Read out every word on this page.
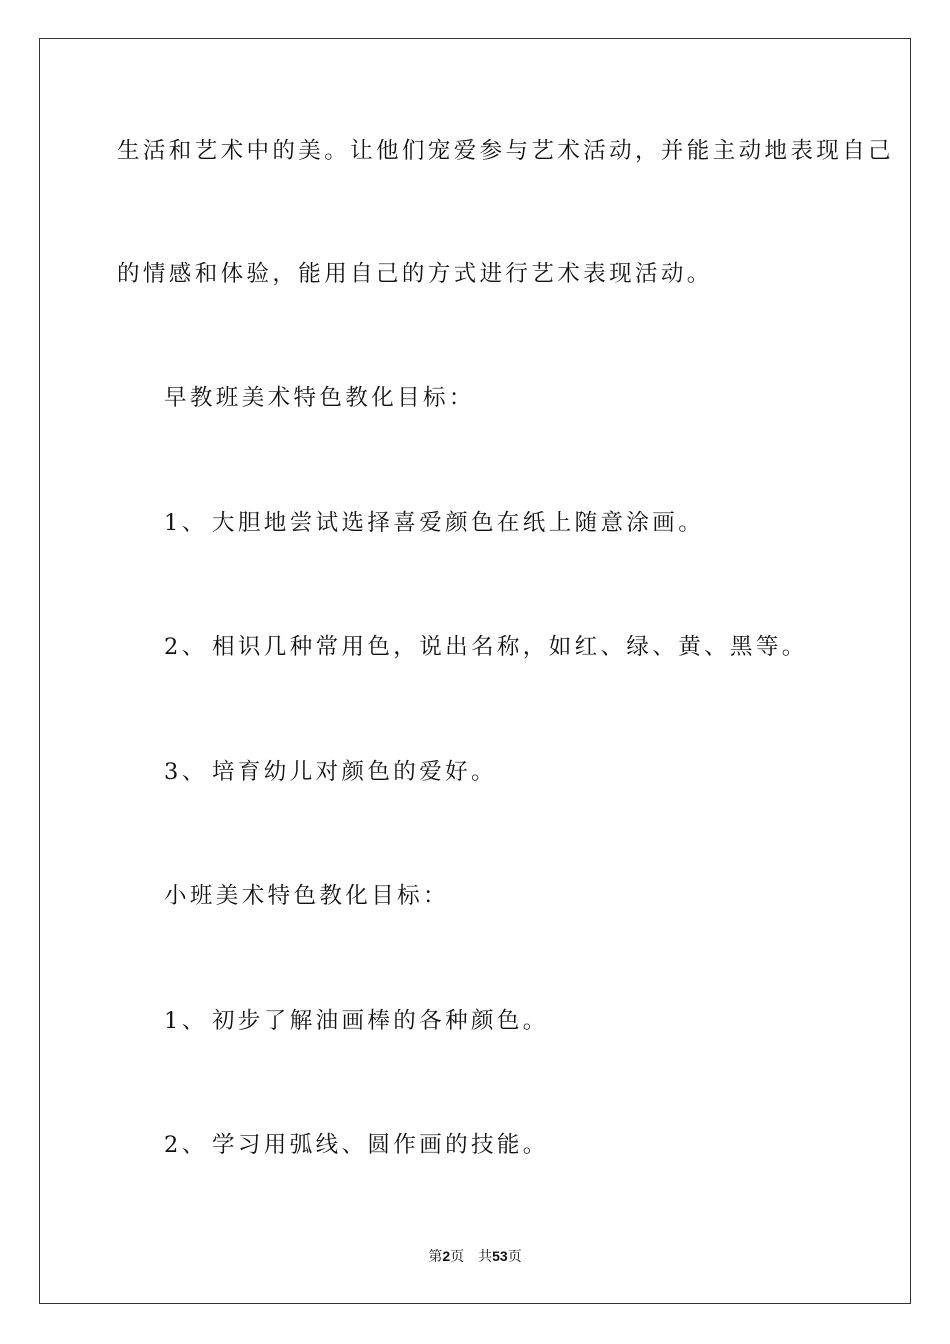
生活和艺术中的美。让他们宠爱参与艺术活动，并能主动地表现自己
的情感和体验，能用自己的方式进行艺术表现活动。
早教班美术特色教化目标：
1、 大胆地尝试选择喜爱颜色在纸上随意涂画。
2、 相识几种常用色，说出名称，如红、绿、黄、黑等。
3、 培育幼儿对颜色的爱好。
小班美术特色教化目标：
1、 初步了解油画棒的各种颜色。
2、 学习用弧线、圆作画的技能。
第2页 共53页
